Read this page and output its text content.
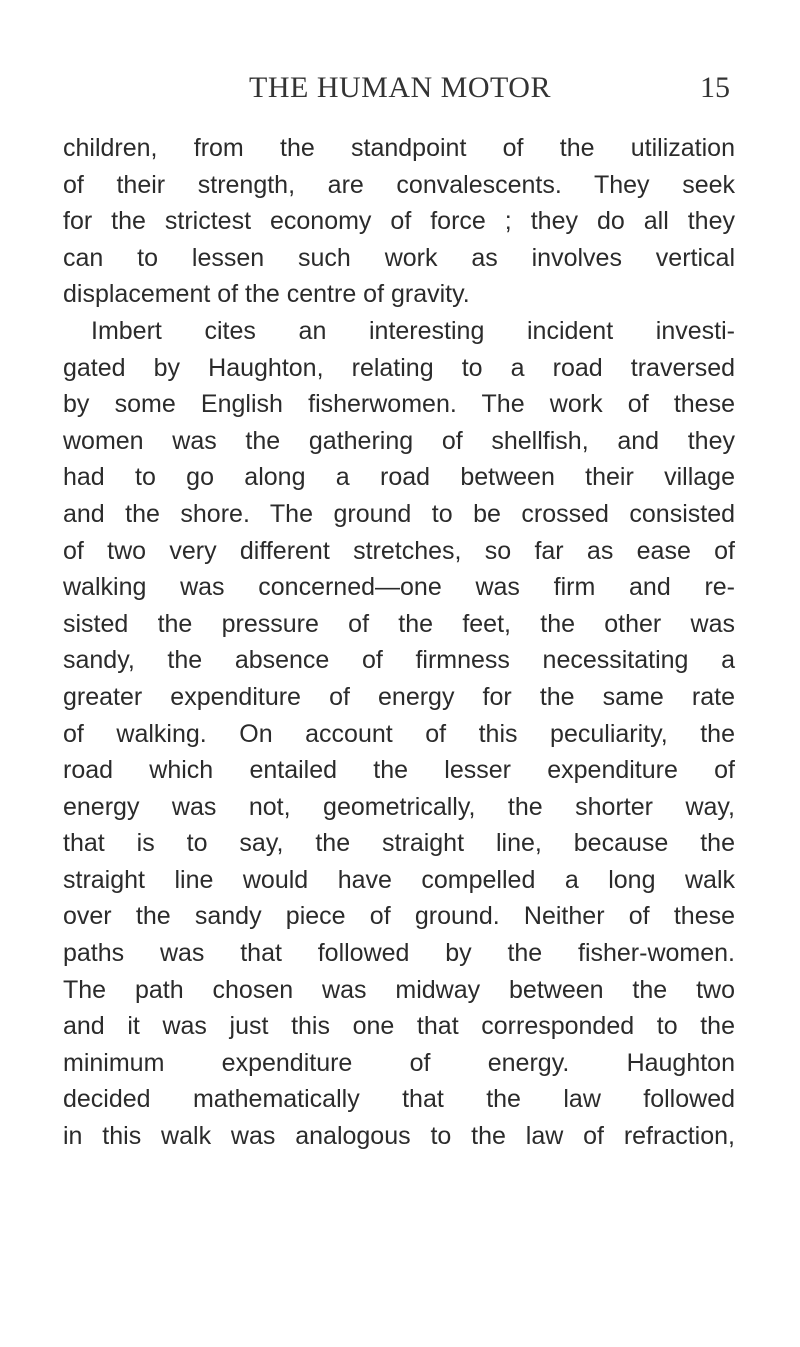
THE HUMAN MOTOR	15
children, from the standpoint of the utilization
of their strength, are convalescents. They seek
for the strictest economy of force ; they do all they
can to lessen such work as involves vertical
displacement of the centre of gravity.
Imbert cites an interesting incident investi-
gated by Haughton, relating to a road traversed
by some English fisherwomen. The work of these
women was the gathering of shellfish, and they
had to go along a road between their village
and the shore. The ground to be crossed consisted
of two very different stretches, so far as ease of
walking was concerned—one was firm and re-
sisted the pressure of the feet, the other was
sandy, the absence of firmness necessitating a
greater expenditure of energy for the same rate
of walking. On account of this peculiarity, the
road which entailed the lesser expenditure of
energy was not, geometrically, the shorter way,
that is to say, the straight line, because the
straight line would have compelled a long walk
over the sandy piece of ground. Neither of these
paths was that followed by the fisher-women.
The path chosen was midway between the two
and it was just this one that corresponded to the
minimum expenditure of energy. Haughton
decided mathematically that the law followed
in this walk was analogous to the law of refraction,
